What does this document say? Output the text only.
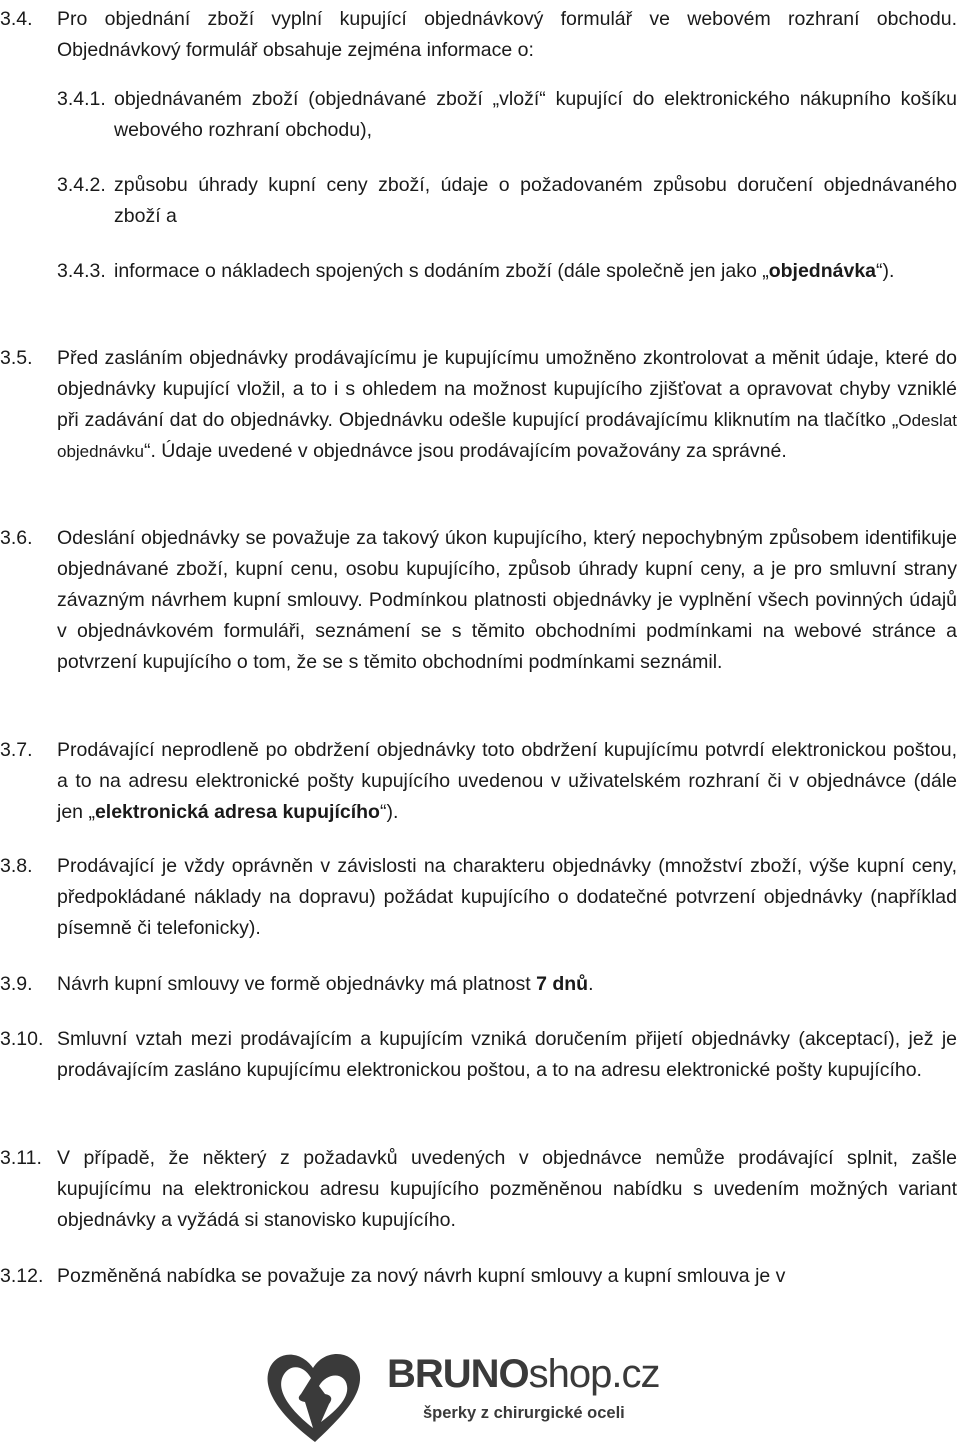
3.4. Pro objednání zboží vyplní kupující objednávkový formulář ve webovém rozhraní obchodu. Objednávkový formulář obsahuje zejména informace o:
3.4.1. objednávaném zboží (objednávané zboží „vloží“ kupující do elektronického nákupního košíku webového rozhraní obchodu),
3.4.2. způsobu úhrady kupní ceny zboží, údaje o požadovaném způsobu doručení objednávaného zboží a
3.4.3. informace o nákladech spojených s dodáním zboží (dále společně jen jako „objednávka“).
3.5. Před zasláním objednávky prodávajícímu je kupujícímu umožněno zkontrolovat a měnit údaje, které do objednávky kupující vložil, a to i s ohledem na možnost kupujícího zjišťovat a opravovat chyby vzniklé při zadávání dat do objednávky. Objednávku odešle kupující prodávajícímu kliknutím na tlačítko „Odeslat objednávku“. Údaje uvedené v objednávce jsou prodávajícím považovány za správné.
3.6. Odeslání objednávky se považuje za takový úkon kupujícího, který nepochybným způsobem identifikuje objednávané zboží, kupní cenu, osobu kupujícího, způsob úhrady kupní ceny, a je pro smluvní strany závazným návrhem kupní smlouvy. Podmínkou platnosti objednávky je vyplnění všech povinných údajů v objednávkovém formuláři, seznámení se s těmito obchodními podmínkami na webové stránce a potvrzení kupujícího o tom, že se s těmito obchodními podmínkami seznámil.
3.7. Prodávající neprodleně po obdržení objednávky toto obdržení kupujícímu potvrdí elektronickou poštou, a to na adresu elektronické pošty kupujícího uvedenou v uživatelském rozhraní či v objednávce (dále jen „elektronická adresa kupujícího“).
3.8. Prodávající je vždy oprávněn v závislosti na charakteru objednávky (množství zboží, výše kupní ceny, předpokládané náklady na dopravu) požádat kupujícího o dodatečné potvrzení objednávky (například písemně či telefonicky).
3.9. Návrh kupní smlouvy ve formě objednávky má platnost 7 dnů.
3.10. Smluvní vztah mezi prodávajícím a kupujícím vzniká doručením přijetí objednávky (akceptací), jež je prodávajícím zasláno kupujícímu elektronickou poštou, a to na adresu elektronické pošty kupujícího.
3.11. V případě, že některý z požadavků uvedených v objednávce nemůže prodávající splnit, zašle kupujícímu na elektronickou adresu kupujícího pozměněnou nabídku s uvedením možných variant objednávky a vyžádá si stanovisko kupujícího.
3.12. Pozměněná nabídka se považuje za nový návrh kupní smlouvy a kupní smlouva je v
BRUNOshop.cz
šperky z chirurgické oceli
